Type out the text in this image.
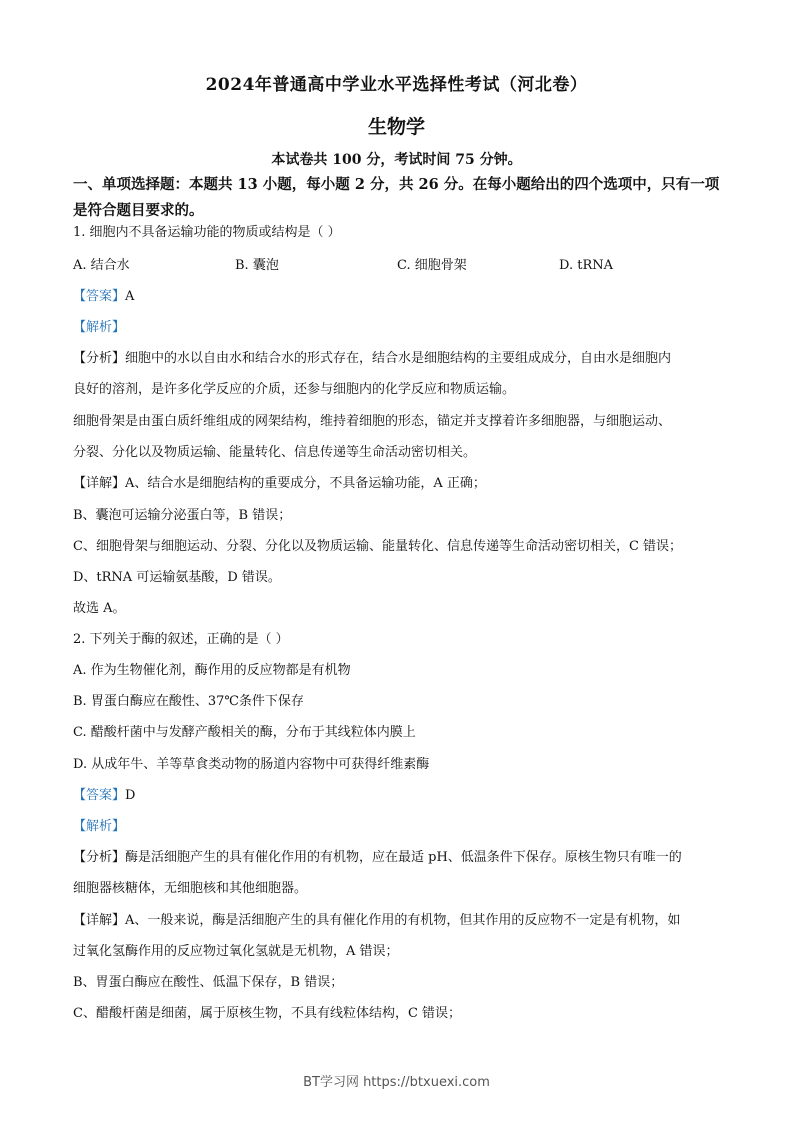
2024年普通高中学业水平选择性考试（河北卷）
生物学
本试卷共 100 分，考试时间 75 分钟。
一、单项选择题：本题共 13 小题，每小题 2 分，共 26 分。在每小题给出的四个选项中，只有一项是符合题目要求的。
1. 细胞内不具备运输功能的物质或结构是（ ）
A. 结合水	B. 囊泡	C. 细胞骨架	D. tRNA
【答案】A
【解析】
【分析】细胞中的水以自由水和结合水的形式存在，结合水是细胞结构的主要组成成分，自由水是细胞内
良好的溶剂，是许多化学反应的介质，还参与细胞内的化学反应和物质运输。
细胞骨架是由蛋白质纤维组成的网架结构，维持着细胞的形态，锚定并支撑着许多细胞器，与细胞运动、
分裂、分化以及物质运输、能量转化、信息传递等生命活动密切相关。
【详解】A、结合水是细胞结构的重要成分，不具备运输功能，A 正确；
B、囊泡可运输分泌蛋白等，B 错误；
C、细胞骨架与细胞运动、分裂、分化以及物质运输、能量转化、信息传递等生命活动密切相关，C 错误；
D、tRNA 可运输氨基酸，D 错误。
故选 A。
2. 下列关于酶的叙述，正确的是（ ）
A. 作为生物催化剂，酶作用的反应物都是有机物
B. 胃蛋白酶应在酸性、37℃条件下保存
C. 醋酸杆菌中与发酵产酸相关的酶，分布于其线粒体内膜上
D. 从成年牛、羊等草食类动物的肠道内容物中可获得纤维素酶
【答案】D
【解析】
【分析】酶是活细胞产生的具有催化作用的有机物，应在最适 pH、低温条件下保存。原核生物只有唯一的
细胞器核糖体，无细胞核和其他细胞器。
【详解】A、一般来说，酶是活细胞产生的具有催化作用的有机物，但其作用的反应物不一定是有机物，如
过氧化氢酶作用的反应物过氧化氢就是无机物，A 错误；
B、胃蛋白酶应在酸性、低温下保存，B 错误；
C、醋酸杆菌是细菌，属于原核生物，不具有线粒体结构，C 错误；
BT学习网 https://btxuexi.com
